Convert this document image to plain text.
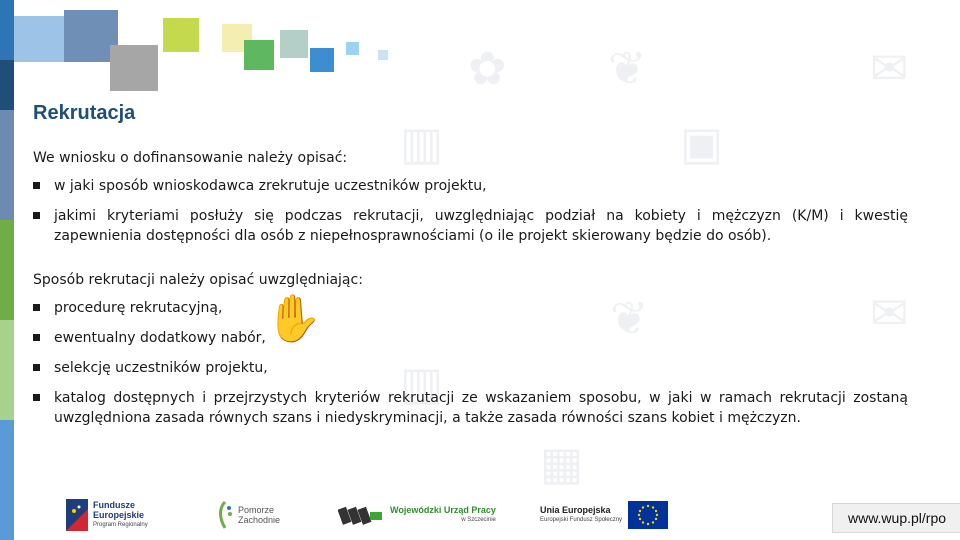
❦
✿	✉
▥	▣
❦
✋	✉
▥
▦
Rekrutacja

We wniosku o dofinansowanie należy opisać:

w jaki sposób wnioskodawca zrekrutuje uczestników projektu,
jakimi kryteriami posłuży się podczas rekrutacji, uwzględniając podział na kobiety i mężczyzn (K/M) i kwestię zapewnienia dostępności dla osób z niepełnosprawnościami (o ile projekt skierowany będzie do osób).

Sposób rekrutacji należy opisać uwzględniając:

procedurę rekrutacyjną,
ewentualny dodatkowy nabór,
selekcję uczestników projektu,
katalog dostępnych i przejrzystych kryteriów rekrutacji ze wskazaniem sposobu, w jaki w ramach rekrutacji zostaną uwzględniona zasada równych szans i niedyskryminacji, a także zasada równości szans kobiet i mężczyzn.
Fundusze
Europejskie
Program Regionalny
Pomorze
Zachodnie
Wojewódzki Urząd Pracy
w Szczecinie
Unia Europejska
Europejski Fundusz Społeczny	www.wup.pl/rpo
